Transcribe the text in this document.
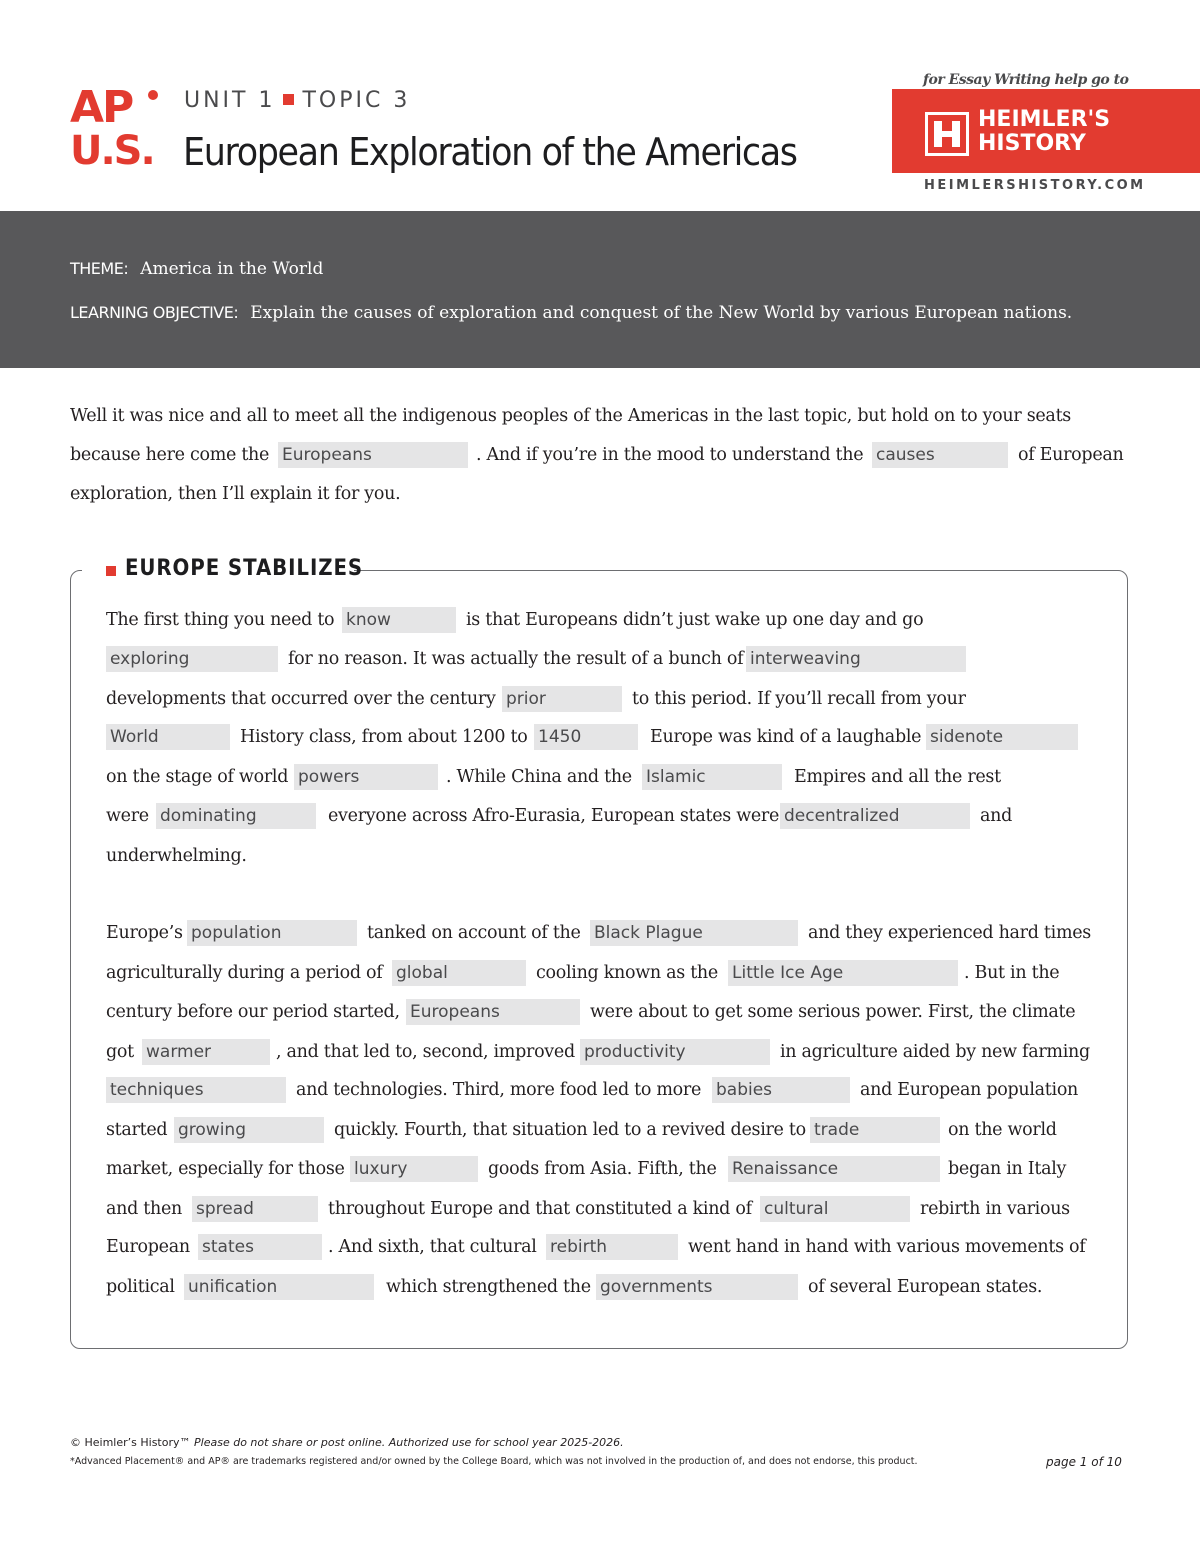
AP
U.S.
UNIT 1 TOPIC 3
European Exploration of the Americas
for Essay Writing help go to
HEIMLER'S
HISTORY
HEIMLERSHISTORY.COM
THEME: America in the World
LEARNING OBJECTIVE: Explain the causes of exploration and conquest of the New World by various European nations.
Well it was nice and all to meet all the indigenous peoples of the Americas in the last topic, but hold on to your seats
because here come the Europeans	. And if you’re in the mood to understand the causes	of European
exploration, then I’ll explain it for you.
EUROPE STABILIZES
The first thing you need to know	is that Europeans didn’t just wake up one day and go
exploring	for no reason. It was actually the result of a bunch of interweaving
developments that occurred over the century prior	to this period. If you’ll recall from your
World	History class, from about 1200 to 1450	Europe was kind of a laughable sidenote
on the stage of world powers	. While China and the Islamic	Empires and all the rest
were dominating	everyone across Afro-Eurasia, European states were decentralized	and
underwhelming.
Europe’s population	tanked on account of the Black Plague	and they experienced hard times
agriculturally during a period of global	cooling known as the Little Ice Age	. But in the
century before our period started, Europeans	were about to get some serious power. First, the climate
got warmer	, and that led to, second, improved productivity	in agriculture aided by new farming
techniques	and technologies. Third, more food led to more babies	and European population
started growing	quickly. Fourth, that situation led to a revived desire to trade	on the world
market, especially for those luxury	goods from Asia. Fifth, the Renaissance	began in Italy
and then spread	throughout Europe and that constituted a kind of cultural	rebirth in various
European states	. And sixth, that cultural rebirth	went hand in hand with various movements of
political unification	which strengthened the governments	of several European states.
© Heimler’s History™ Please do not share or post online. Authorized use for school year 2025-2026.
*Advanced Placement® and AP® are trademarks registered and/or owned by the College Board, which was not involved in the production of, and does not endorse, this product.	page 1 of 10
